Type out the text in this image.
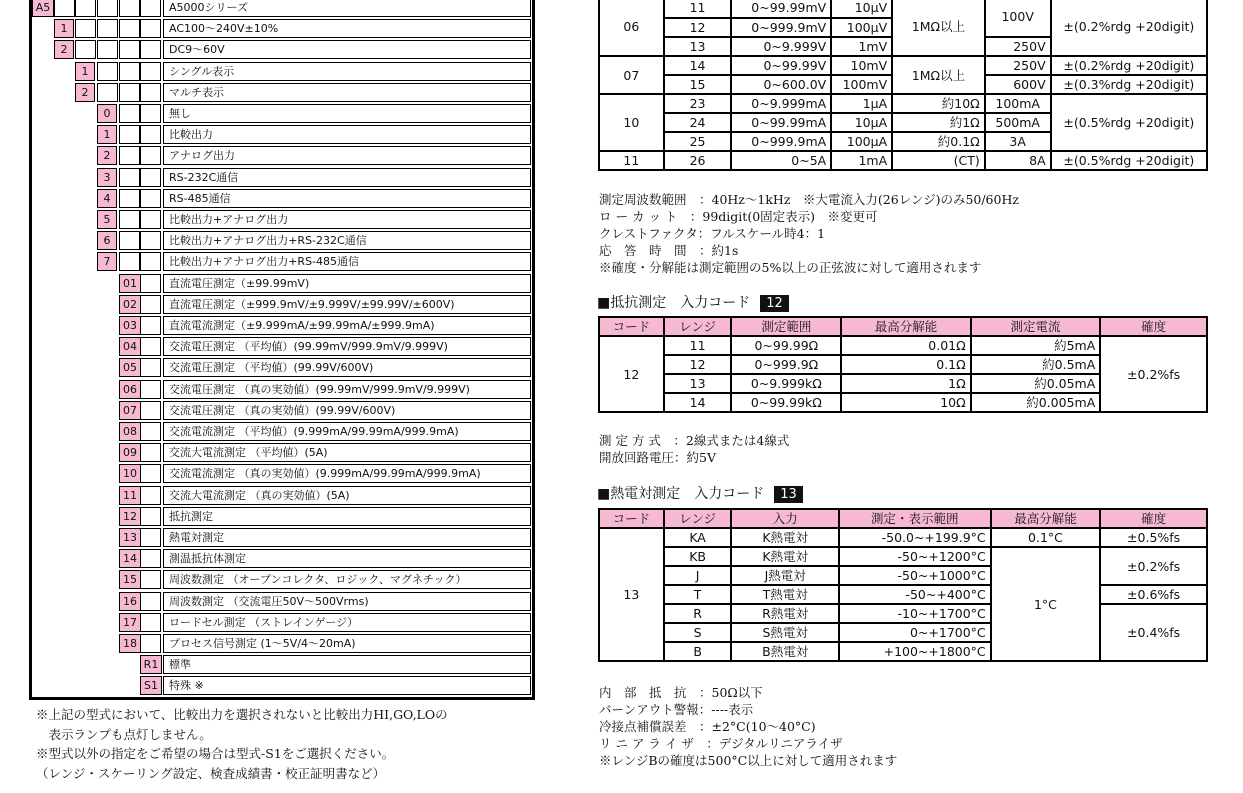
A5	A5000シリーズ
1	AC100～240V±10%
2	DC9～60V
1	シングル表示
2	マルチ表示
0	無し
1	比較出力
2	アナログ出力
3	RS-232C通信
4	RS-485通信
5	比較出力+アナログ出力
6	比較出力+アナログ出力+RS-232C通信
7	比較出力+アナログ出力+RS-485通信
01	直流電圧測定（±99.99mV)
02	直流電圧測定（±999.9mV/±9.999V/±99.99V/±600V)
03	直流電流測定（±9.999mA/±99.99mA/±999.9mA)
04	交流電圧測定 （平均値）(99.99mV/999.9mV/9.999V)
05	交流電圧測定 （平均値）(99.99V/600V)
06	交流電圧測定 （真の実効値）(99.99mV/999.9mV/9.999V)
07	交流電圧測定 （真の実効値）(99.99V/600V)
08	交流電流測定 （平均値）(9.999mA/99.99mA/999.9mA)
09	交流大電流測定 （平均値）(5A)
10	交流電流測定 （真の実効値）(9.999mA/99.99mA/999.9mA)
11	交流大電流測定 （真の実効値）(5A)
12	抵抗測定
13	熱電対測定
14	測温抵抗体測定
15	周波数測定 （オープンコレクタ、ロジック、マグネチック）
16	周波数測定 （交流電圧50V～500Vrms)
17	ロードセル測定 （ストレインゲージ）
18	プロセス信号測定 (1～5V/4～20mA)
R1 標準
S1	特殊 ※
※上記の型式において、比較出力を選択されないと比較出力HI,GO,LOの
　表示ランプも点灯しません。
※型式以外の指定をご希望の場合は型式-S1をご選択ください。
（レンジ・スケーリング設定、検査成績書・校正証明書など）
06	11	0~99.99mV	10μV	1MΩ以上	100V	±(0.2%rdg +20digit)
	12	0~999.9mV	100μV			
	13	0~9.999V	1mV		250V	
07	14	0~99.99V	10mV	1MΩ以上	250V	±(0.2%rdg +20digit)
	15	0~600.0V	100mV		600V	±(0.3%rdg +20digit)
10	23	0~9.999mA	1μA	約10Ω	100mA	±(0.5%rdg +20digit)
	24	0~99.99mA	10μA	約1Ω	500mA	
	25	0~999.9mA	100μA	約0.1Ω	3A	
11	26	0~5A	1mA	(CT)	8A	±(0.5%rdg +20digit)
測定周波数範囲　：40Hz～1kHz　※大電流入力(26レンジ)のみ50/60Hz
ロ ー カ ッ ト　：99digit(0固定表示)　※変更可
クレストファクタ：フルスケール時4：1
応　答　時　間　：約1s
※確度・分解能は測定範囲の5%以上の正弦波に対して適用されます
■抵抗測定　入力コード 12
コード	レンジ	測定範囲	最高分解能	測定電流	確度
12	11	0~99.99Ω	0.01Ω	約5mA	±0.2%fs
	12	0~999.9Ω	0.1Ω	約0.5mA	
	13	0~9.999kΩ	1Ω	約0.05mA	
	14	0~99.99kΩ	10Ω	約0.005mA	
測 定 方 式　：2線式または4線式
開放回路電圧：約5V
■熱電対測定　入力コード 13
コード	レンジ	入力	測定・表示範囲	最高分解能	確度
13	KA	K熱電対	-50.0~+199.9°C	0.1°C	±0.5%fs
	KB	K熱電対	-50~+1200°C	1°C	±0.2%fs
	J	J熱電対	-50~+1000°C		
	T	T熱電対	-50~+400°C		±0.6%fs
	R	R熱電対	-10~+1700°C		±0.4%fs
	S	S熱電対	0~+1700°C		
	B	B熱電対	+100~+1800°C		
内　部　抵　抗　：50Ω以下
バーンアウト警報：----表示
冷接点補償誤差　：±2°C(10～40°C)
リ ニ ア ラ イ ザ　：デジタルリニアライザ
※レンジBの確度は500°C以上に対して適用されます
